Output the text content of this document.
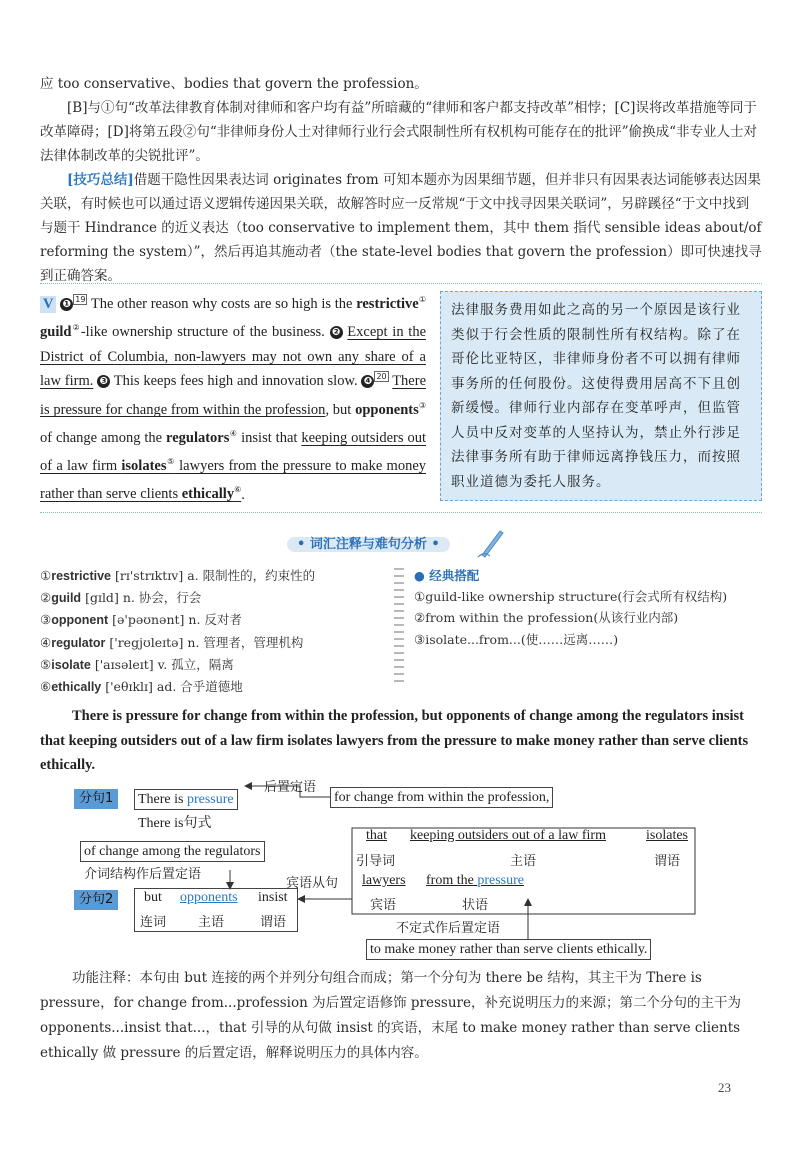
应 too conservative、bodies that govern the profession。
[B]与①句“改革法律教育体制对律师和客户均有益”所暗藏的“律师和客户都支持改革”相悖；[C]误将改革措施等同于改革障碍；[D]将第五段②句“非律师身份人士对律师行业行会式限制性所有权机构可能存在的批评”偷换成“非专业人士对法律体制改革的尖锐批评”。
[技巧总结]借题干隐性因果表达词 originates from 可知本题亦为因果细节题，但并非只有因果表达词能够表达因果关联，有时候也可以通过语义逻辑传递因果关联，故解答时应一反常规“于文中找寻因果关联词”，另辟蹊径“于文中找到与题干 Hindrance 的近义表达（too conservative to implement them，其中 them 指代 sensible ideas about/of reforming the system）”，然后再追其施动者（the state-level bodies that govern the profession）即可快速找寻到正确答案。
V ❶ 19 The other reason why costs are so high is the restrictive① guild②-like ownership structure of the business. ❷ Except in the District of Columbia, non-lawyers may not own any share of a law firm. ❸ This keeps fees high and innovation slow. ❹ 20 There is pressure for change from within the profession, but opponents③ of change among the regulators④ insist that keeping outsiders out of a law firm isolates⑤ lawyers from the pressure to make money rather than serve clients ethically⑥.
法律服务费用如此之高的另一个原因是该行业类似于行会性质的限制性所有权结构。除了在哥伦比亚特区，非律师身份者不可以拥有律师事务所的任何股份。这使得费用居高不下且创新缓慢。律师行业内部存在变革呼声，但监管人员中反对变革的人坚持认为，禁止外行涉足法律事务所有助于律师远离挣钱压力，而按照职业道德为委托人服务。
• 词汇注释与难句分析 •
①restrictive [rɪ'strɪktɪv] a. 限制性的，约束性的
②guild [gɪld] n. 协会，行会
③opponent [ə'pəʊnənt] n. 反对者
④regulator ['regjʊleɪtə] n. 管理者，管理机构
⑤isolate ['aɪsəleɪt] v. 孤立，隔离
⑥ethically ['eθɪklɪ] ad. 合乎道德地
● 经典搭配
①guild-like ownership structure(行会式所有权结构)
②from within the profession(从该行业内部)
③isolate...from...(使……远离……)
There is pressure for change from within the profession, but opponents of change among the regulators insist that keeping outsiders out of a law firm isolates lawyers from the pressure to make money rather than serve clients ethically.
分句1	There is pressure
后置定语
for change from within the profession,
There is句式
of change among the regulators
介词结构作后置定语
分句2	but opponents insist
连词 主语	谓语
宾语从句
that keeping outsiders out of a law firm	isolates
引导词	主语	谓语
lawyers from the pressure
宾语	状语
不定式作后置定语
to make money rather than serve clients ethically.
功能注释：本句由 but 连接的两个并列分句组合而成；第一个分句为 there be 结构，其主干为 There is pressure，for change from...profession 为后置定语修饰 pressure，补充说明压力的来源；第二个分句的主干为 opponents...insist that...，that 引导的从句做 insist 的宾语，末尾 to make money rather than serve clients ethically 做 pressure 的后置定语，解释说明压力的具体内容。
23
